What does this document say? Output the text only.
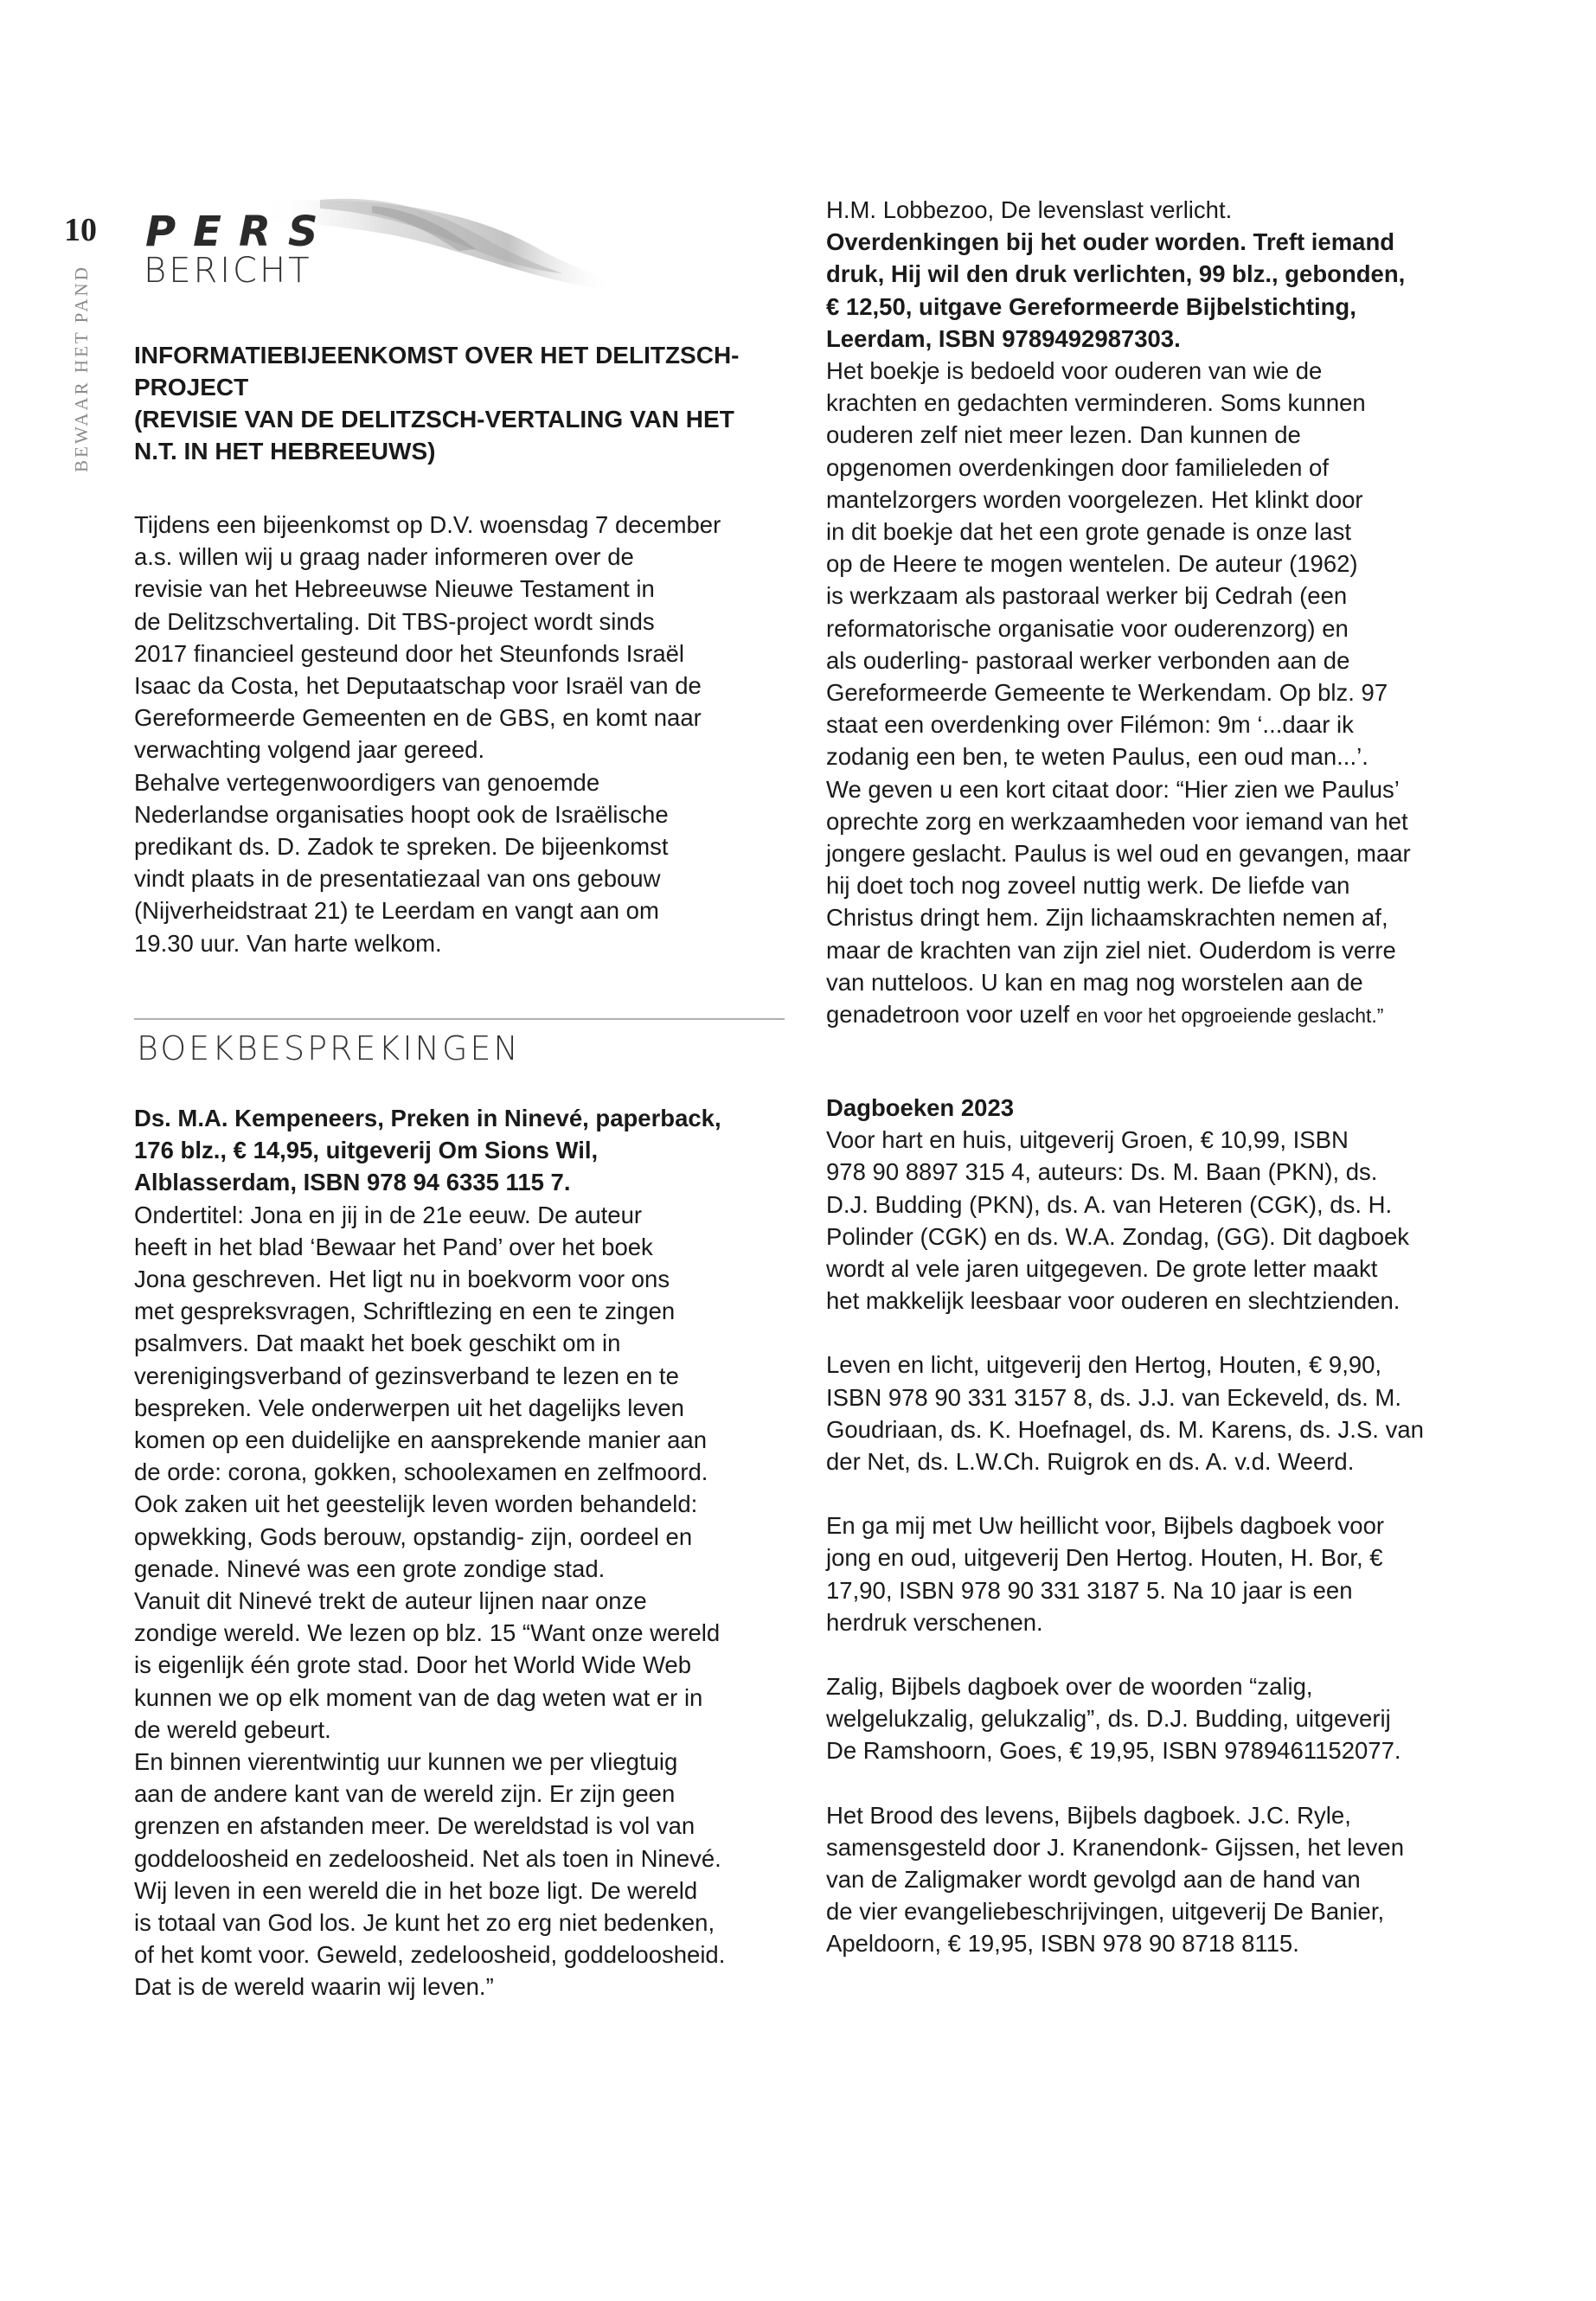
10
BEWAAR HET PAND
PERS
BERICHT
INFORMATIEBIJEENKOMST OVER HET DELITZSCH-
PROJECT
(REVISIE VAN DE DELITZSCH-VERTALING VAN HET
N.T. IN HET HEBREEUWS)
Tijdens een bijeenkomst op D.V. woensdag 7 december
a.s. willen wij u graag nader informeren over de
revisie van het Hebreeuwse Nieuwe Testament in
de Delitzschvertaling. Dit TBS-project wordt sinds
2017 financieel gesteund door het Steunfonds Israël
Isaac da Costa, het Deputaatschap voor Israël van de
Gereformeerde Gemeenten en de GBS, en komt naar
verwachting volgend jaar gereed.
Behalve vertegenwoordigers van genoemde
Nederlandse organisaties hoopt ook de Israëlische
predikant ds. D. Zadok te spreken. De bijeenkomst
vindt plaats in de presentatiezaal van ons gebouw
(Nijverheidstraat 21) te Leerdam en vangt aan om
19.30 uur. Van harte welkom.
BOEKBESPREKINGEN
Ds. M.A. Kempeneers, Preken in Ninevé, paperback,
176 blz., € 14,95, uitgeverij Om Sions Wil,
Alblasserdam, ISBN 978 94 6335 115 7.
Ondertitel: Jona en jij in de 21e eeuw. De auteur
heeft in het blad ‘Bewaar het Pand’ over het boek
Jona geschreven. Het ligt nu in boekvorm voor ons
met gespreksvragen, Schriftlezing en een te zingen
psalmvers. Dat maakt het boek geschikt om in
verenigingsverband of gezinsverband te lezen en te
bespreken. Vele onderwerpen uit het dagelijks leven
komen op een duidelijke en aansprekende manier aan
de orde: corona, gokken, schoolexamen en zelfmoord.
Ook zaken uit het geestelijk leven worden behandeld:
opwekking, Gods berouw, opstandig- zijn, oordeel en
genade. Ninevé was een grote zondige stad.
Vanuit dit Ninevé trekt de auteur lijnen naar onze
zondige wereld. We lezen op blz. 15 “Want onze wereld
is eigenlijk één grote stad. Door het World Wide Web
kunnen we op elk moment van de dag weten wat er in
de wereld gebeurt.
En binnen vierentwintig uur kunnen we per vliegtuig
aan de andere kant van de wereld zijn. Er zijn geen
grenzen en afstanden meer. De wereldstad is vol van
goddeloosheid en zedeloosheid. Net als toen in Ninevé.
Wij leven in een wereld die in het boze ligt. De wereld
is totaal van God los. Je kunt het zo erg niet bedenken,
of het komt voor. Geweld, zedeloosheid, goddeloosheid.
Dat is de wereld waarin wij leven.”
H.M. Lobbezoo, De levenslast verlicht.
Overdenkingen bij het ouder worden. Treft iemand
druk, Hij wil den druk verlichten, 99 blz., gebonden,
€ 12,50, uitgave Gereformeerde Bijbelstichting,
Leerdam, ISBN 9789492987303.
Het boekje is bedoeld voor ouderen van wie de
krachten en gedachten verminderen. Soms kunnen
ouderen zelf niet meer lezen. Dan kunnen de
opgenomen overdenkingen door familieleden of
mantelzorgers worden voorgelezen. Het klinkt door
in dit boekje dat het een grote genade is onze last
op de Heere te mogen wentelen. De auteur (1962)
is werkzaam als pastoraal werker bij Cedrah (een
reformatorische organisatie voor ouderenzorg) en
als ouderling- pastoraal werker verbonden aan de
Gereformeerde Gemeente te Werkendam. Op blz. 97
staat een overdenking over Filémon: 9m ‘...daar ik
zodanig een ben, te weten Paulus, een oud man...’.
We geven u een kort citaat door: “Hier zien we Paulus’
oprechte zorg en werkzaamheden voor iemand van het
jongere geslacht. Paulus is wel oud en gevangen, maar
hij doet toch nog zoveel nuttig werk. De liefde van
Christus dringt hem. Zijn lichaamskrachten nemen af,
maar de krachten van zijn ziel niet. Ouderdom is verre
van nutteloos. U kan en mag nog worstelen aan de
genadetroon voor uzelf en voor het opgroeiende geslacht.”
Dagboeken 2023
Voor hart en huis, uitgeverij Groen, € 10,99, ISBN
978 90 8897 315 4, auteurs: Ds. M. Baan (PKN), ds.
D.J. Budding (PKN), ds. A. van Heteren (CGK), ds. H.
Polinder (CGK) en ds. W.A. Zondag, (GG). Dit dagboek
wordt al vele jaren uitgegeven. De grote letter maakt
het makkelijk leesbaar voor ouderen en slechtzienden.
Leven en licht, uitgeverij den Hertog, Houten, € 9,90,
ISBN 978 90 331 3157 8, ds. J.J. van Eckeveld, ds. M.
Goudriaan, ds. K. Hoefnagel, ds. M. Karens, ds. J.S. van
der Net, ds. L.W.Ch. Ruigrok en ds. A. v.d. Weerd.
En ga mij met Uw heillicht voor, Bijbels dagboek voor
jong en oud, uitgeverij Den Hertog. Houten, H. Bor, €
17,90, ISBN 978 90 331 3187 5. Na 10 jaar is een
herdruk verschenen.
Zalig, Bijbels dagboek over de woorden “zalig,
welgelukzalig, gelukzalig”, ds. D.J. Budding, uitgeverij
De Ramshoorn, Goes, € 19,95, ISBN 9789461152077.
Het Brood des levens, Bijbels dagboek. J.C. Ryle,
samensgesteld door J. Kranendonk- Gijssen, het leven
van de Zaligmaker wordt gevolgd aan de hand van
de vier evangeliebeschrijvingen, uitgeverij De Banier,
Apeldoorn, € 19,95, ISBN 978 90 8718 8115.
